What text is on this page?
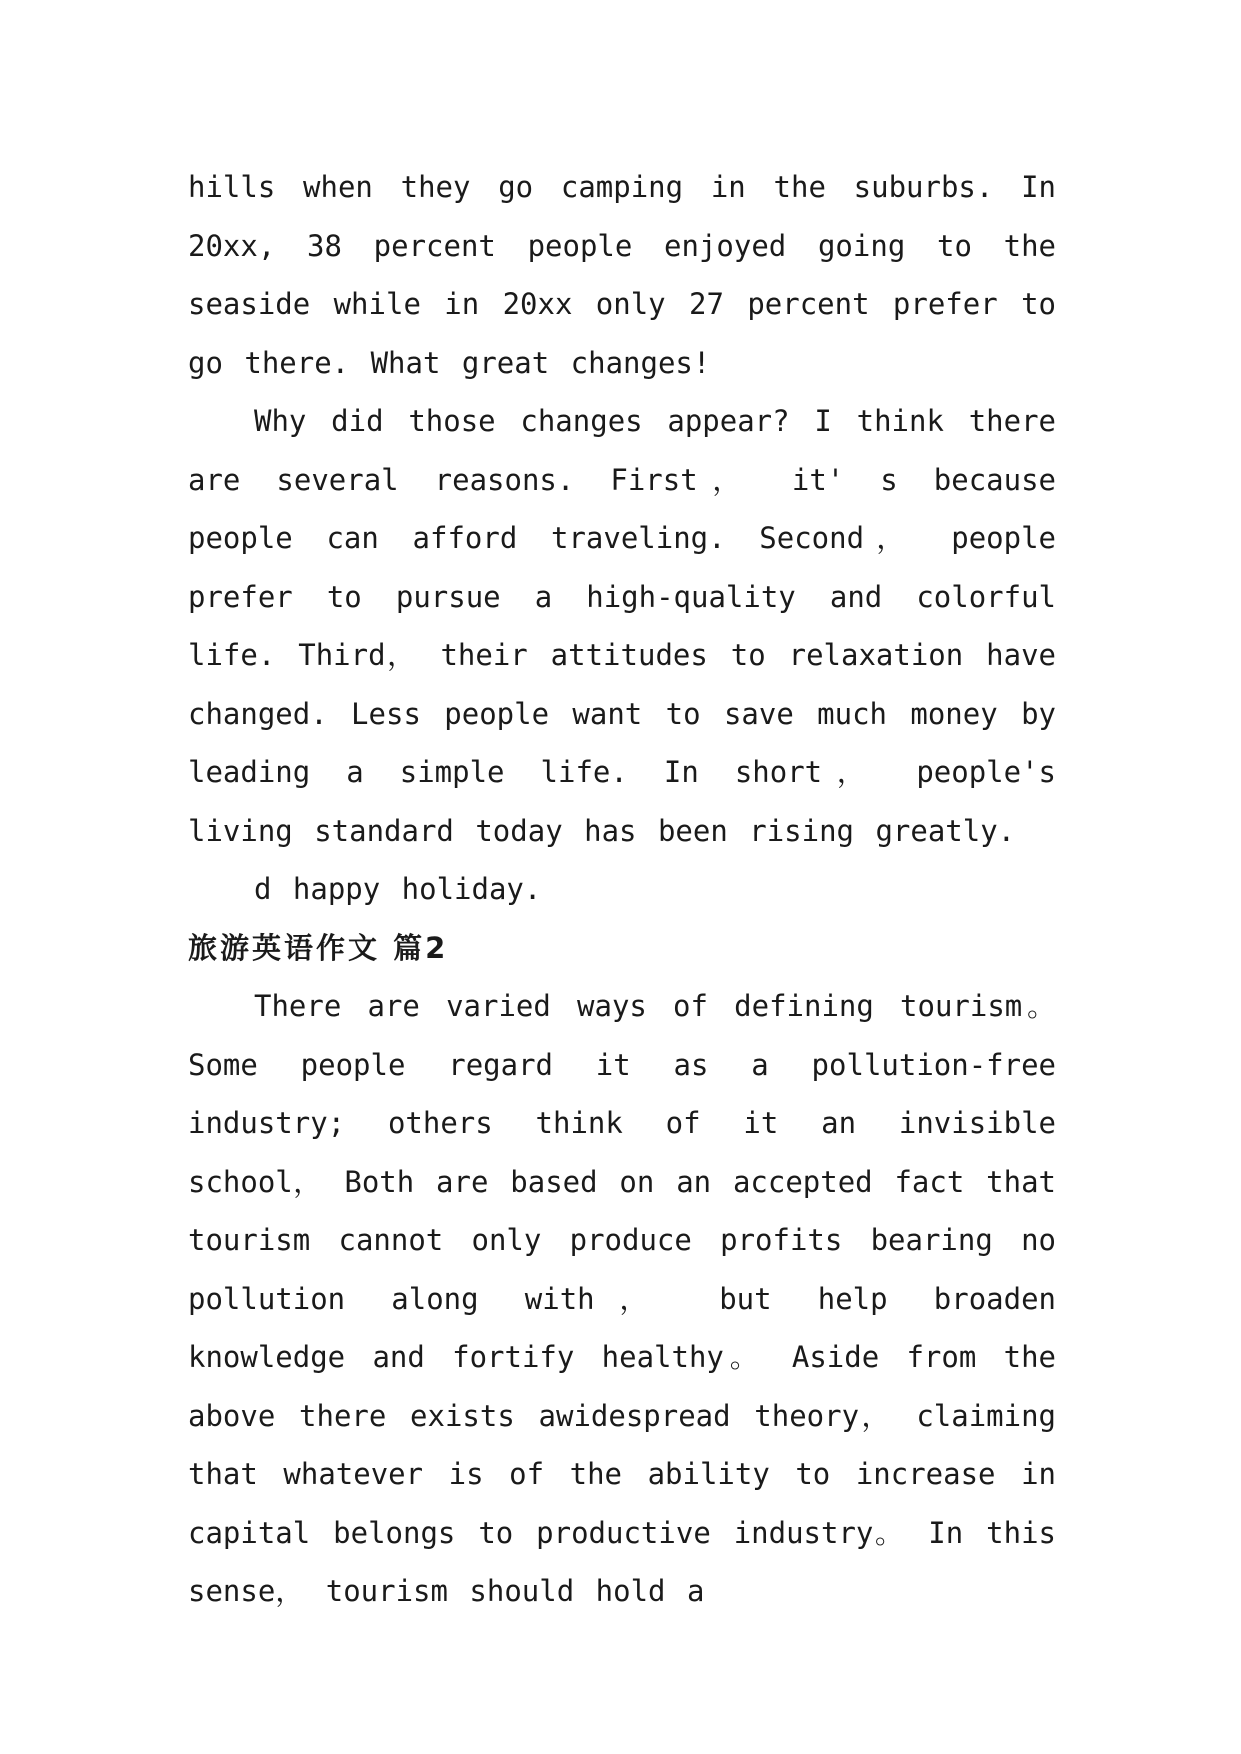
hills when they go camping in the suburbs. In 20xx, 38 percent people enjoyed going to the seaside while in 20xx only 27 percent prefer to go there. What great changes!

Why did those changes appear? I think there are several reasons. First， it' s because people can afford traveling. Second， people prefer to pursue a high-quality and colorful life. Third， their attitudes to relaxation have changed. Less people want to save much money by leading a simple life. In short， people's living standard today has been rising greatly.

d happy holiday.

旅游英语作文 篇2

There are varied ways of defining tourism。 Some people regard it as a pollution-free industry; others think of it an invisible school， Both are based on an accepted fact that tourism cannot only produce profits bearing no pollution along with， but help broaden knowledge and fortify healthy。 Aside from the above there exists awidespread theory， claiming that whatever is of the ability to increase in capital belongs to productive industry。 In this sense， tourism should hold a
